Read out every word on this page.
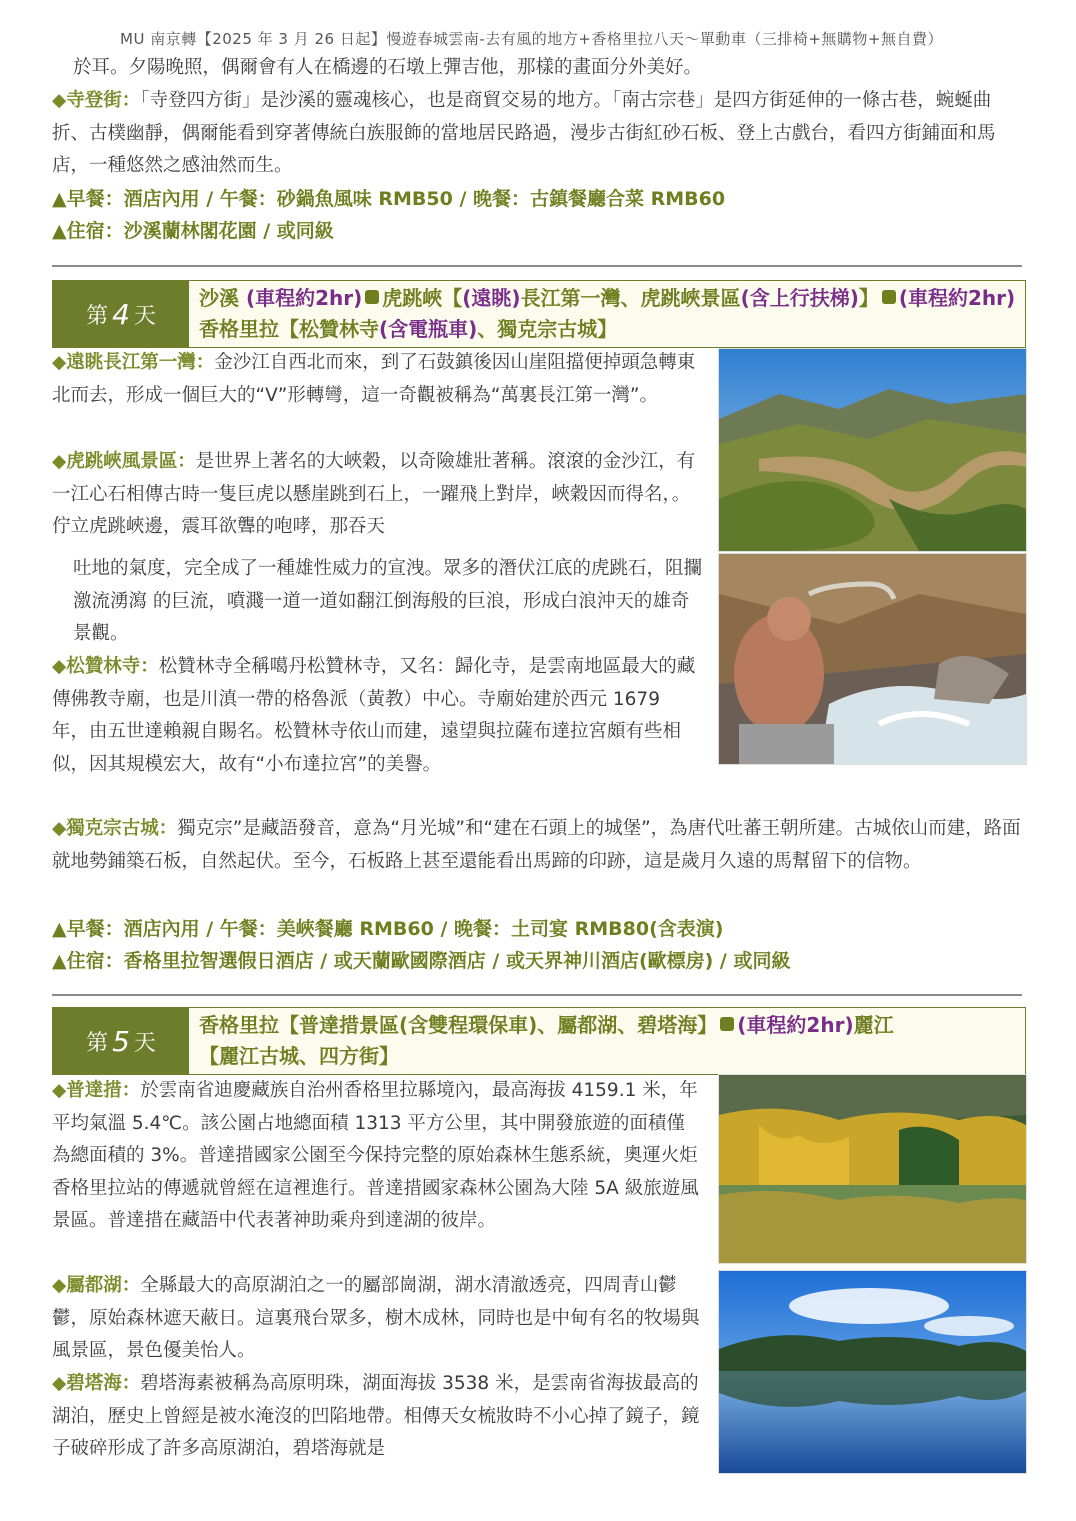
MU 南京轉【2025 年 3 月 26 日起】慢遊春城雲南-去有風的地方+香格里拉八天～單動車（三排椅+無購物+無自費）
於耳。夕陽晚照，偶爾會有人在橋邊的石墩上彈吉他，那樣的畫面分外美好。
◆寺登街：「寺登四方街」是沙溪的靈魂核心，也是商貿交易的地方。「南古宗巷」是四方街延伸的一條古巷，蜿蜒曲折、古樸幽靜，偶爾能看到穿著傳統白族服飾的當地居民路過，漫步古街紅砂石板、登上古戲台，看四方街鋪面和馬店，一種悠然之感油然而生。
▲早餐：酒店內用 / 午餐：砂鍋魚風味 RMB50 / 晚餐：古鎮餐廳合菜 RMB60
▲住宿：沙溪蘭林閣花園 / 或同級
第 4 天
沙溪 (車程約2hr) 虎跳峽【(遠眺)長江第一灣、虎跳峽景區(含上行扶梯)】 (車程約2hr)香格里拉【松贊林寺(含電瓶車)、獨克宗古城】
◆遠眺長江第一灣：金沙江自西北而來，到了石鼓鎮後因山崖阻擋便掉頭急轉東北而去，形成一個巨大的“V”形轉彎，這一奇觀被稱為“萬裏長江第一灣”。
◆虎跳峽風景區：是世界上著名的大峽穀，以奇險雄壯著稱。滾滾的金沙江，有一江心石相傳古時一隻巨虎以懸崖跳到石上，一躍飛上對岸，峽穀因而得名，。佇立虎跳峽邊，震耳欲聾的咆哮，那吞天
吐地的氣度，完全成了一種雄性威力的宣洩。眾多的潛伏江底的虎跳石，阻攔激流湧瀉 的巨流，噴濺一道一道如翻江倒海般的巨浪，形成白浪沖天的雄奇景觀。
◆松贊林寺：松贊林寺全稱噶丹松贊林寺，又名：歸化寺，是雲南地區最大的藏傳佛教寺廟，也是川滇一帶的格魯派（黃教）中心。寺廟始建於西元 1679 年，由五世達賴親自賜名。松贊林寺依山而建，遠望與拉薩布達拉宮頗有些相似，因其規模宏大，故有“小布達拉宮”的美譽。
◆獨克宗古城：獨克宗”是藏語發音，意為“月光城”和“建在石頭上的城堡”，為唐代吐蕃王朝所建。古城依山而建，路面就地勢鋪築石板，自然起伏。至今，石板路上甚至還能看出馬蹄的印跡，這是歲月久遠的馬幫留下的信物。
▲早餐：酒店內用 / 午餐：美峽餐廳 RMB60 / 晚餐：土司宴 RMB80(含表演)
▲住宿：香格里拉智選假日酒店 / 或天蘭歐國際酒店 / 或天界神川酒店(歐標房) / 或同級
第 5 天
香格里拉【普達措景區(含雙程環保車)、屬都湖、碧塔海】 (車程約2hr)麗江
【麗江古城、四方街】
◆普達措：於雲南省迪慶藏族自治州香格里拉縣境內，最高海拔 4159.1 米，年平均氣溫 5.4℃。該公園占地總面積 1313 平方公里，其中開發旅遊的面積僅為總面積的 3%。普達措國家公園至今保持完整的原始森林生態系統，奧運火炬香格里拉站的傳遞就曾經在這裡進行。普達措國家森林公園為大陸 5A 級旅遊風景區。普達措在藏語中代表著神助乘舟到達湖的彼岸。
◆屬都湖：全縣最大的高原湖泊之一的屬部崗湖，湖水清澈透亮，四周青山鬱鬱，原始森林遮天蔽日。這裏飛台眾多，樹木成林，同時也是中甸有名的牧場與風景區，景色優美怡人。
◆碧塔海：碧塔海素被稱為高原明珠，湖面海拔 3538 米，是雲南省海拔最高的湖泊，歷史上曾經是被水淹沒的凹陷地帶。相傳天女梳妝時不小心掉了鏡子，鏡子破碎形成了許多高原湖泊，碧塔海就是
